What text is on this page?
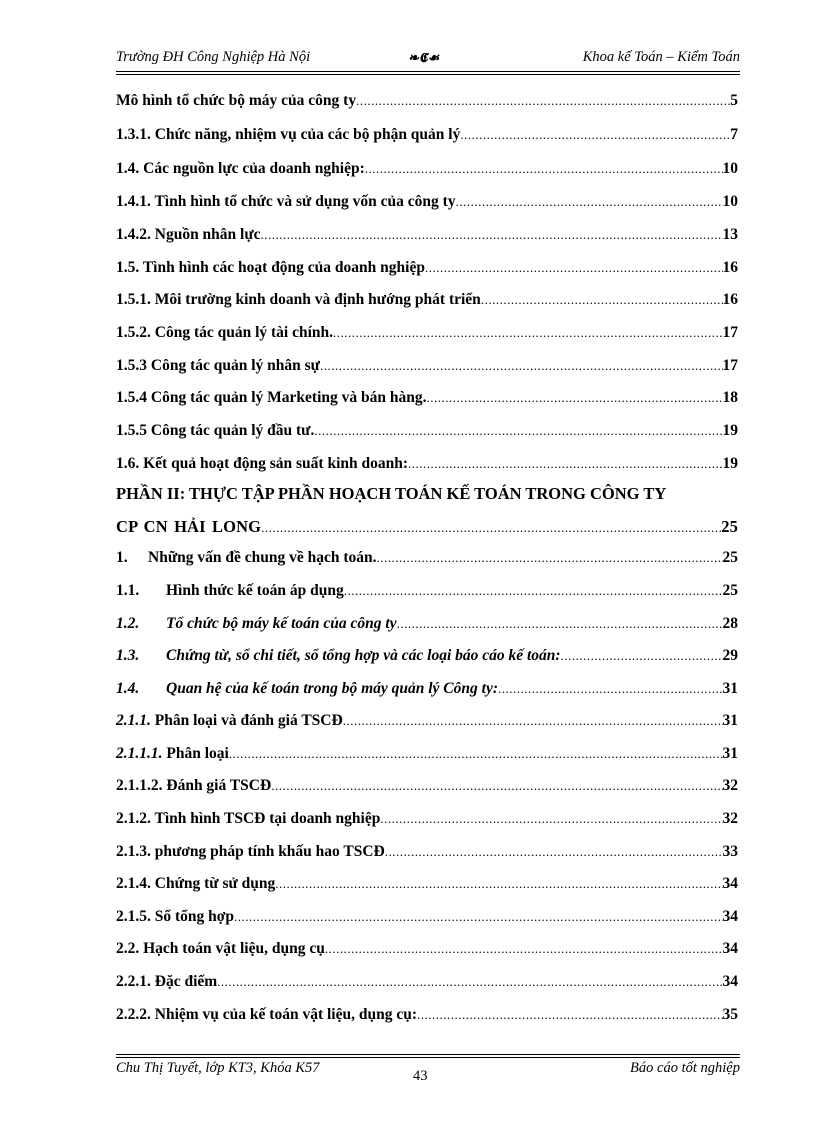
Trường ĐH Công Nghiệp Hà Nội	❧𝕮☙	Khoa kế Toán – Kiểm Toán
Mô hình tổ chức bộ máy của công ty .....	5
1.3.1. Chức năng, nhiệm vụ của các bộ phận quản lý .....	7
1.4. Các nguồn lực của doanh nghiệp: .....	10
1.4.1. Tình hình tổ chức và sử dụng vốn của công ty .....	10
1.4.2. Nguồn nhân lực .....	13
1.5. Tình hình các hoạt động của doanh nghiệp .....	16
1.5.1. Môi trường kinh doanh và định hướng phát triển .....	16
1.5.2. Công tác quản lý tài chính. .....	17
1.5.3 Công tác quản lý nhân sự .....	17
1.5.4 Công tác quản lý Marketing và bán hàng. .....	18
1.5.5 Công tác quản lý đầu tư. .....	19
1.6. Kết quả hoạt động sản suất kinh doanh: .....	19
PHẦN II: THỰC TẬP PHẦN HOẠCH TOÁN KẾ TOÁN TRONG CÔNG TY
CP CN HẢI LONG .....	25
1. Những vấn đề chung về hạch toán. .....	25
1.1. Hình thức kế toán áp dụng .....	25
1.2. Tổ chức bộ máy kế toán của công ty .....	28
1.3. Chứng từ, sổ chi tiết, sổ tổng hợp và các loại báo cáo kế toán: .....	29
1.4. Quan hệ của kế toán trong bộ máy quản lý Công ty: .....	31
2.1.1. Phân loại và đánh giá TSCĐ .....	31
2.1.1.1. Phân loại .....	31
2.1.1.2. Đánh giá TSCĐ .....	32
2.1.2. Tình hình TSCĐ tại doanh nghiệp .....	32
2.1.3. phương pháp tính khấu hao TSCĐ .....	33
2.1.4. Chứng từ sử dụng .....	34
2.1.5. Sổ tổng hợp .....	34
2.2. Hạch toán vật liệu, dụng cụ .....	34
2.2.1. Đặc điểm .....	34
2.2.2. Nhiệm vụ của kế toán vật liệu, dụng cụ: .....	35
Chu Thị Tuyết, lớp KT3, Khóa K57	43	Báo cáo tốt nghiệp
